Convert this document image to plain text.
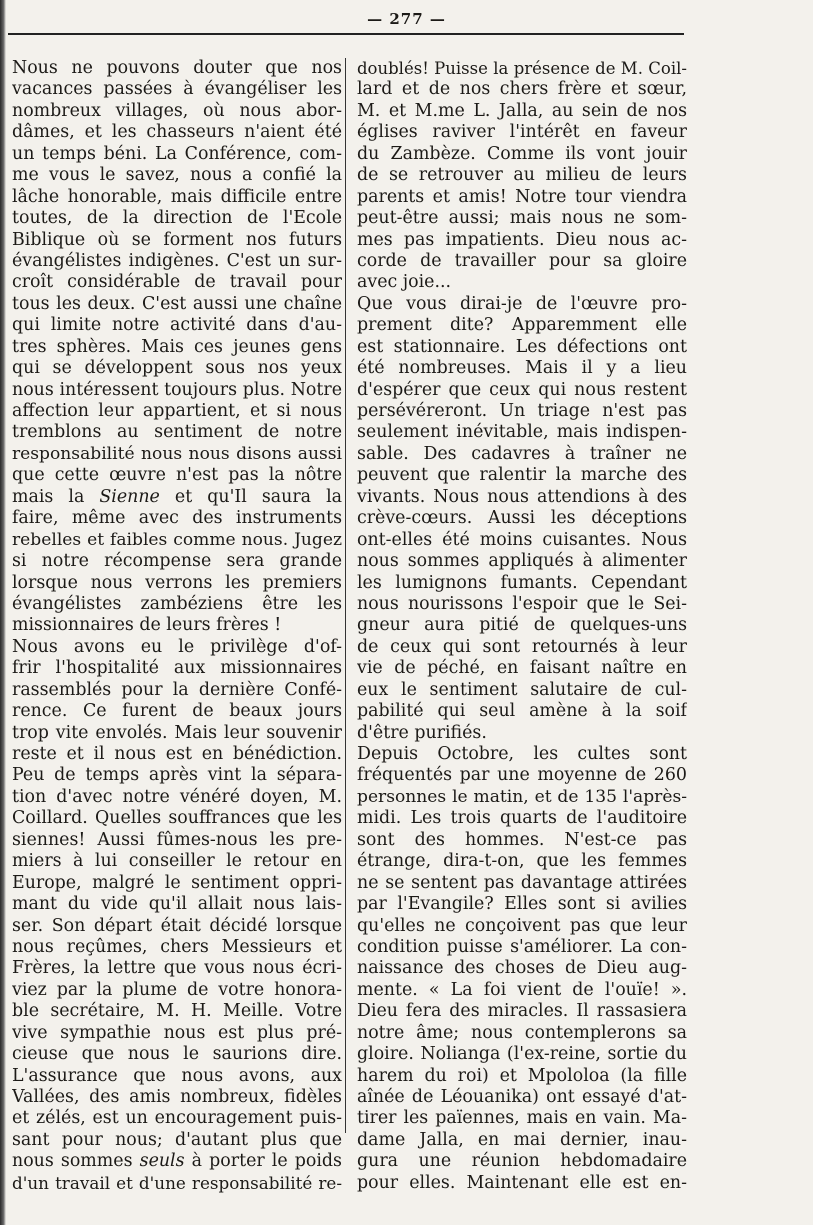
— 277 —
Nous ne pouvons douter que nos
vacances passées à évangéliser les
nombreux villages, où nous abor-
dâmes, et les chasseurs n'aient été
un temps béni. La Conférence, com-
me vous le savez, nous a confié la
lâche honorable, mais difficile entre
toutes, de la direction de l'Ecole
Biblique où se forment nos futurs
évangélistes indigènes. C'est un sur-
croît considérable de travail pour
tous les deux. C'est aussi une chaîne
qui limite notre activité dans d'au-
tres sphères. Mais ces jeunes gens
qui se développent sous nos yeux
nous intéressent toujours plus. Notre
affection leur appartient, et si nous
tremblons au sentiment de notre
responsabilité nous nous disons aussi
que cette œuvre n'est pas la nôtre
mais la Sienne et qu'Il saura la
faire, même avec des instruments
rebelles et faibles comme nous. Jugez
si notre récompense sera grande
lorsque nous verrons les premiers
évangélistes zambéziens être les
missionnaires de leurs frères !
Nous avons eu le privilège d'of-
frir l'hospitalité aux missionnaires
rassemblés pour la dernière Confé-
rence. Ce furent de beaux jours
trop vite envolés. Mais leur souvenir
reste et il nous est en bénédiction.
Peu de temps après vint la sépara-
tion d'avec notre vénéré doyen, M.
Coillard. Quelles souffrances que les
siennes! Aussi fûmes-nous les pre-
miers à lui conseiller le retour en
Europe, malgré le sentiment oppri-
mant du vide qu'il allait nous lais-
ser. Son départ était décidé lorsque
nous reçûmes, chers Messieurs et
Frères, la lettre que vous nous écri-
viez par la plume de votre honora-
ble secrétaire, M. H. Meille. Votre
vive sympathie nous est plus pré-
cieuse que nous le saurions dire.
L'assurance que nous avons, aux
Vallées, des amis nombreux, fidèles
et zélés, est un encouragement puis-
sant pour nous; d'autant plus que
nous sommes seuls à porter le poids
d'un travail et d'une responsabilité re-
doublés! Puisse la présence de M. Coil-
lard et de nos chers frère et sœur,
M. et M.me L. Jalla, au sein de nos
églises raviver l'intérêt en faveur
du Zambèze. Comme ils vont jouir
de se retrouver au milieu de leurs
parents et amis! Notre tour viendra
peut-être aussi; mais nous ne som-
mes pas impatients. Dieu nous ac-
corde de travailler pour sa gloire
avec joie...
Que vous dirai-je de l'œuvre pro-
prement dite? Apparemment elle
est stationnaire. Les défections ont
été nombreuses. Mais il y a lieu
d'espérer que ceux qui nous restent
persévéreront. Un triage n'est pas
seulement inévitable, mais indispen-
sable. Des cadavres à traîner ne
peuvent que ralentir la marche des
vivants. Nous nous attendions à des
crève-cœurs. Aussi les déceptions
ont-elles été moins cuisantes. Nous
nous sommes appliqués à alimenter
les lumignons fumants. Cependant
nous nourissons l'espoir que le Sei-
gneur aura pitié de quelques-uns
de ceux qui sont retournés à leur
vie de péché, en faisant naître en
eux le sentiment salutaire de cul-
pabilité qui seul amène à la soif
d'être purifiés.
Depuis Octobre, les cultes sont
fréquentés par une moyenne de 260
personnes le matin, et de 135 l'après-
midi. Les trois quarts de l'auditoire
sont des hommes. N'est-ce pas
étrange, dira-t-on, que les femmes
ne se sentent pas davantage attirées
par l'Evangile? Elles sont si avilies
qu'elles ne conçoivent pas que leur
condition puisse s'améliorer. La con-
naissance des choses de Dieu aug-
mente. « La foi vient de l'ouïe! ».
Dieu fera des miracles. Il rassasiera
notre âme; nous contemplerons sa
gloire. Nolianga (l'ex-reine, sortie du
harem du roi) et Mpololoa (la fille
aînée de Léouanika) ont essayé d'at-
tirer les païennes, mais en vain. Ma-
dame Jalla, en mai dernier, inau-
gura une réunion hebdomadaire
pour elles. Maintenant elle est en-
